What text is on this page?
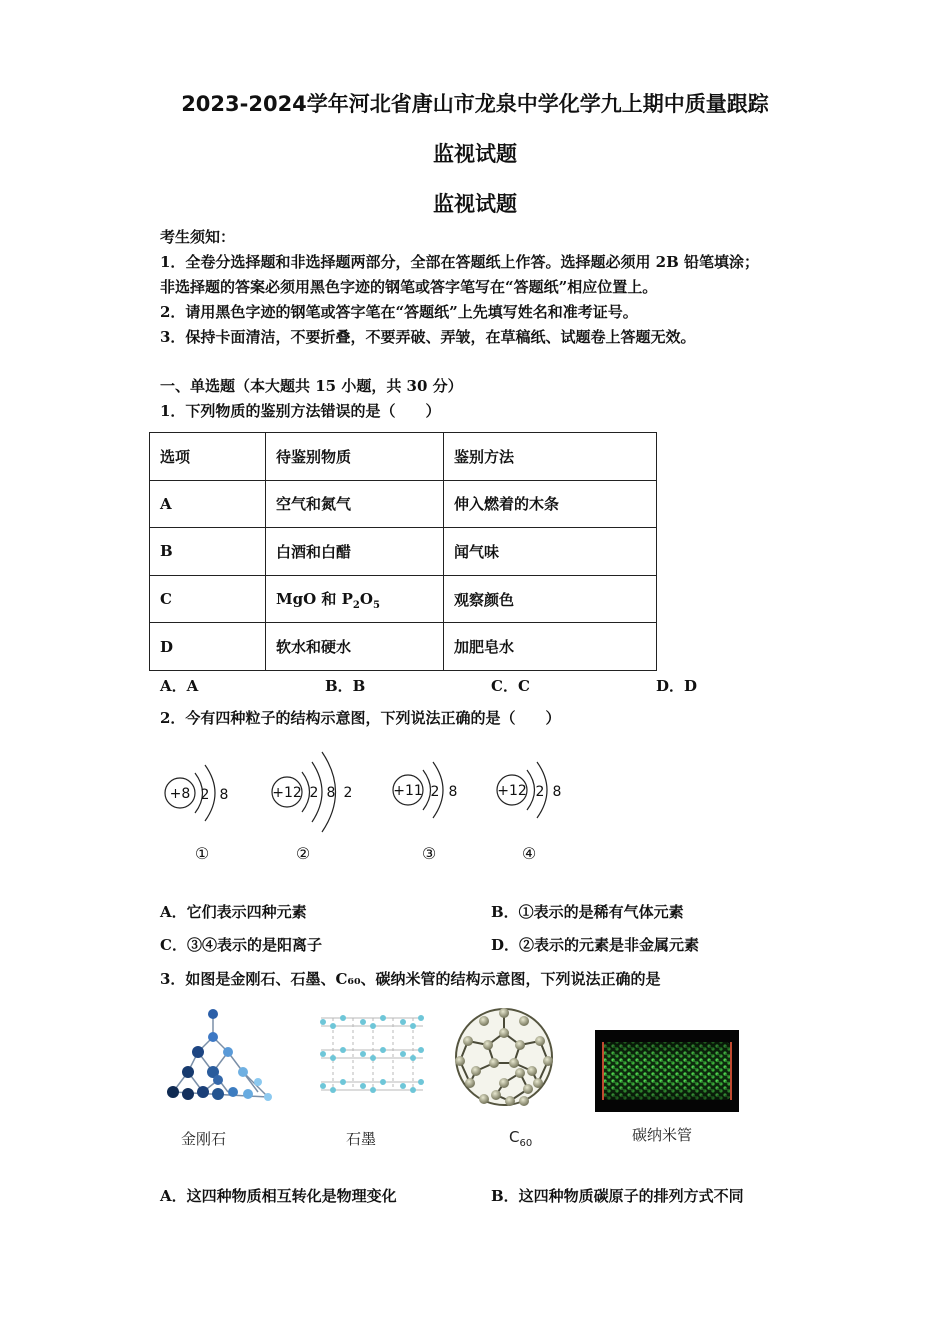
2023-2024学年河北省唐山市龙泉中学化学九上期中质量跟踪
监视试题
监视试题
考生须知：
1．全卷分选择题和非选择题两部分，全部在答题纸上作答。选择题必须用 2B 铅笔填涂；
非选择题的答案必须用黑色字迹的钢笔或答字笔写在“答题纸”相应位置上。
2．请用黑色字迹的钢笔或答字笔在“答题纸”上先填写姓名和准考证号。
3．保持卡面清洁，不要折叠，不要弄破、弄皱，在草稿纸、试题卷上答题无效。
一、单选题（本大题共 15 小题，共 30 分）
1．下列物质的鉴别方法错误的是（　　）
选项	待鉴别物质	鉴别方法
A	空气和氮气	伸入燃着的木条
B	白酒和白醋	闻气味
C	MgO 和 $P_2O_5$	观察颜色
D	软水和硬水	加肥皂水
A．A	B．B	C．C	D．D
2．今有四种粒子的结构示意图，下列说法正确的是（　　）
+8 2 8	+12 2 8 2	+11 2 8	+12 2 8
①	②	③	④
A．它们表示四种元素	B．①表示的是稀有气体元素
C．③④表示的是阳离子	D．②表示的元素是非金属元素
3．如图是金刚石、石墨、C₆₀、碳纳米管的结构示意图，下列说法正确的是
金刚石	石墨	$C_{60}$	碳纳米管
A．这四种物质相互转化是物理变化	B．这四种物质碳原子的排列方式不同
